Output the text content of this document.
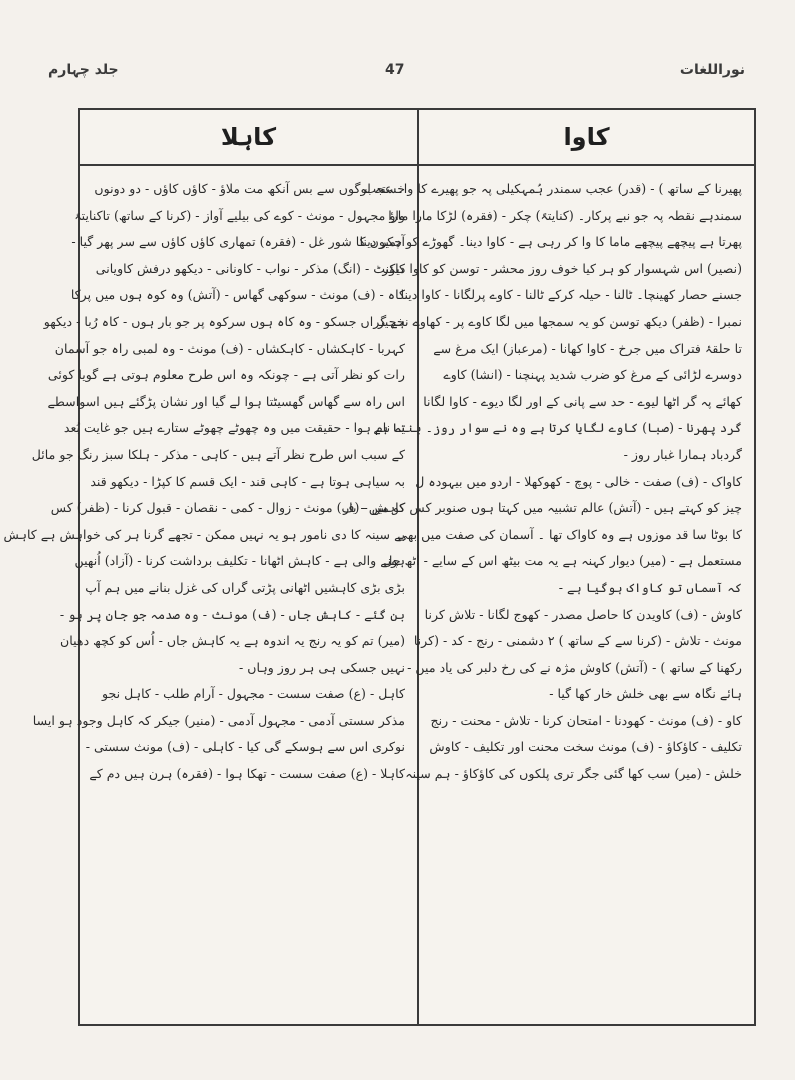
نوراللغات
47
جلد چہارم
کاوا
پھیرنا کے ساتھ ) - (قدر) عجب سمندر ہُمہکیلی پہ جو پھیرے کا وا۔ عجب
سمندہے نقطہ پہ جو نبے پرکار۔ (کنایتہً) چکر - (فقرہ) لڑکا مارا مارا
پھرتا ہے پیچھے پیچھے ماما کا وا کر رہی ہے - کاوا دینا۔ گھوڑے کو چکر دینا
(نصیر) اس شہسوار کو ہر کیا خوف روز محشر - توسن کو کاوا دیکر
جسنے حصار کھینچا۔ ٹالنا - حیلہ کرکے ٹالنا - کاوے پرلگانا - کاوا دینا
نمبرا - (ظفر) دیکھ توسن کو یہ سمجھا میں لگا کاوے پر - کھاوے نخچیر
تا حلقۂ فتراک میں جرخ - کاوا کھانا - (مرعباز) ایک مرغ سے
دوسرے لڑائی کے مرغ کو ضرب شدید پہنچنا - (انشا) کاوے
کھائے پہ گر اٹھا لیوے - حد سے پانی کے اور لگا دیوے - کاوا لگانا
گرد پھرنا - (صبا) کاوے لگایا کرتا ہے وہ نے سوار روز۔ بنتا ہے
گردباد ہمارا غبار روز -
کاواک - (ف) صفت - خالی - پوچ - کھوکھلا - اردو میں بیہودہ ل
چیز کو کہتے ہیں - (آتش) عالم تشبیہ میں کہتا ہوں صنوبر کس کو میں - یار
کا بوٹا سا قد موزوں ہے وہ کاواک تھا ۔ آسمان کی صفت میں بھی
مستعمل ہے - (میر) دیوار کہنہ ہے یہ مت بیٹھ اس کے سایے - اٹھ چل
کہ آسماں تو کاواک ہوگیا ہے -
کاوش - (ف) کاویدن کا حاصل مصدر - کھوج لگانا - تلاش کرنا
مونث - تلاش - (کرنا سے کے ساتھ ) ۲ دشمنی - رنج - کد - (کرنا
رکھنا کے ساتھ ) - (آتش) کاوش مژہ نے کی رخ دلبر کی یاد میں -
ہائے نگاہ سے بھی خلش خار کھا گیا -
کاو - (ف) مونث - کھودنا - امتحان کرنا - تلاش - محنت - رنج
تکلیف - کاؤکاؤ - (ف) مونث سخت محنت اور تکلیف - کاوش
خلش - (میر) سب کھا گئی جگر تری پلکوں کی کاؤکاؤ - ہم سینہ
کاہلا
خستہ لوگوں سے بس آنکھ مت ملاؤ - کاؤں کاؤں - دو دونوں
واؤ مجہول - مونث - کوے کی بیلیے آواز - (کرنا کے ساتھ) تاکنایتہً
آدمیوں کا شور غل - (فقرہ) تمھاری کاؤں کاؤں سے سر پھر گیا -
کاؤنٹ - (انگ) مذکر - نواب - کاونانی - دیکھو درفش کاویانی
کاہ - (ف) مونث - سوکھی گھاس - (آتش) وہ کوہ ہوں میں پرکا
ہے گراں جسکو - وہ کاہ ہوں سرکوہ پر جو بار ہوں - کاہ رُبا - دیکھو
کہربا - کاہکشاں - کاہکشاں - (ف) مونث - وہ لمبی راہ جو آسمان
رات کو نظر آتی ہے - چونکہ وہ اس طرح معلوم ہوتی ہے گویا کوئی
اس راہ سے گھاس گھسیٹتا ہوا لے گیا اور نشان پڑگئے ہیں اسواسطے
یہ نام ہوا - حقیقت میں وہ چھوٹے چھوٹے ستارے ہیں جو غایت بُعد
کے سبب اس طرح نظر آتے ہیں - کاہی - مذکر - ہلکا سبز رنگ جو مائل
بہ سیاہی ہوتا ہے - کاہی قند - ایک قسم کا کپڑا - دیکھو قند
کاہش - (ف) مونث - زوال - کمی - نقصان - قبول کرنا - (ظفر) کس
بے سینہ کا دی نامور ہو یہ نہیں ممکن - تجھے گرنا ہر کی خواہش ہے کاہش
ہونے والی ہے - کاہش اٹھانا - تکلیف برداشت کرنا - (آزاد) اُنھیں
بڑی بڑی کاہشیں اٹھانی پڑتی گراں کی غزل بنانے میں ہم آپ
بن گئے - کاہش جاں - (ف) مونث - وہ صدمہ جو جان پر ہو -
(میر) تم کو یہ رنج یہ اندوہ ہے یہ کاہش جاں - اُس کو کچھ دھیان
نہیں جسکی ہی ہر روز وہاں -
کاہل - (ع) صفت سست - مجہول - آرام طلب - کاہل نجو
مذکر سستی آدمی - مجہول آدمی - (منیر) جیکر کہ کاہل وجود ہو ایسا
نوکری اس سے ہوسکے گی کیا - کاہلی - (ف) مونث سستی -
کاہلا - (ع) صفت سست - تھکا ہوا - (فقرہ) ہرن ہیں دم کے
